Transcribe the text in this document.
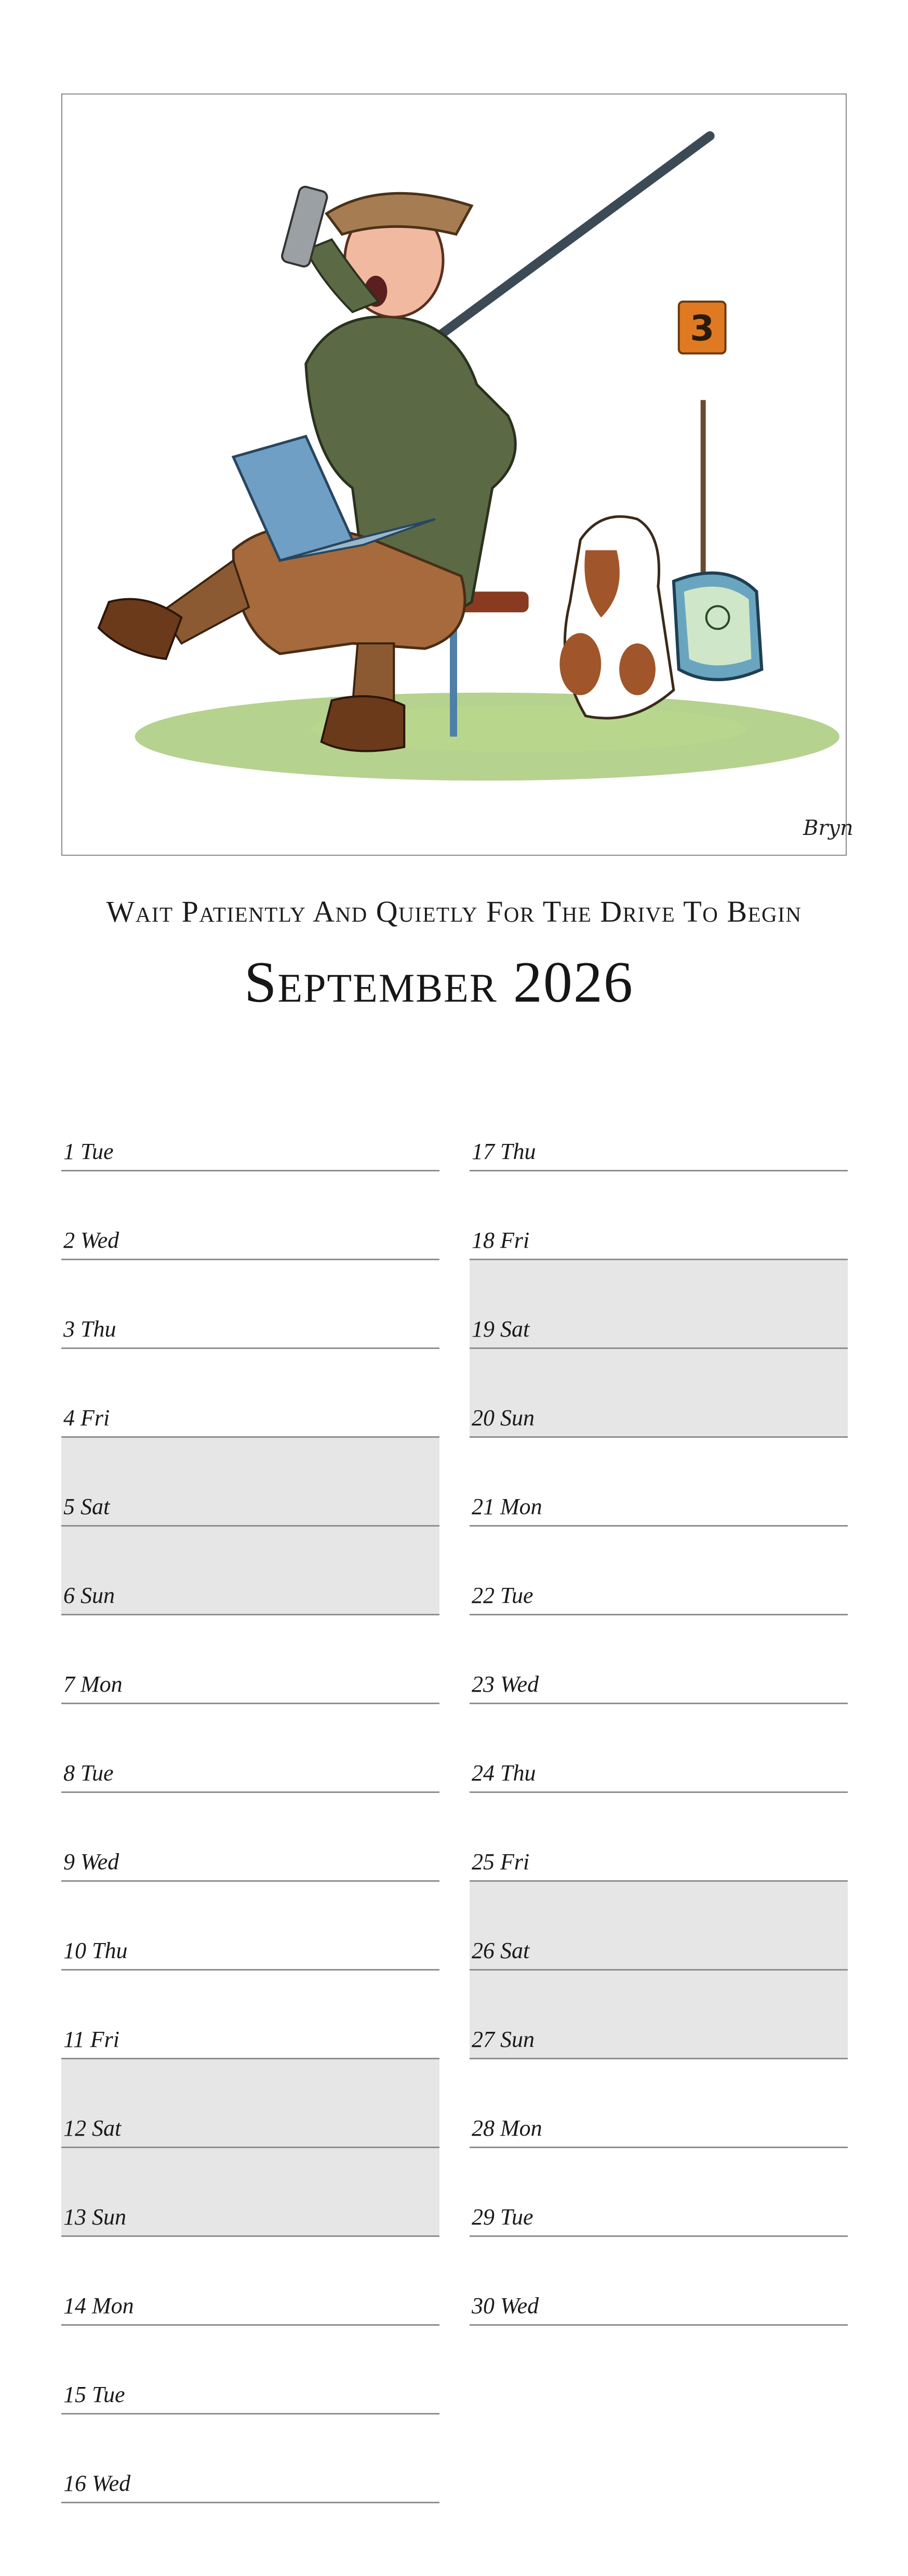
3
Bryn
Wait Patiently And Quietly For The Drive To Begin
September 2026
1 Tue
2 Wed
3 Thu
4 Fri
5 Sat
6 Sun
7 Mon
8 Tue
9 Wed
10 Thu
11 Fri
12 Sat
13 Sun
14 Mon
15 Tue
16 Wed
17 Thu
18 Fri
19 Sat
20 Sun
21 Mon
22 Tue
23 Wed
24 Thu
25 Fri
26 Sat
27 Sun
28 Mon
29 Tue
30 Wed
